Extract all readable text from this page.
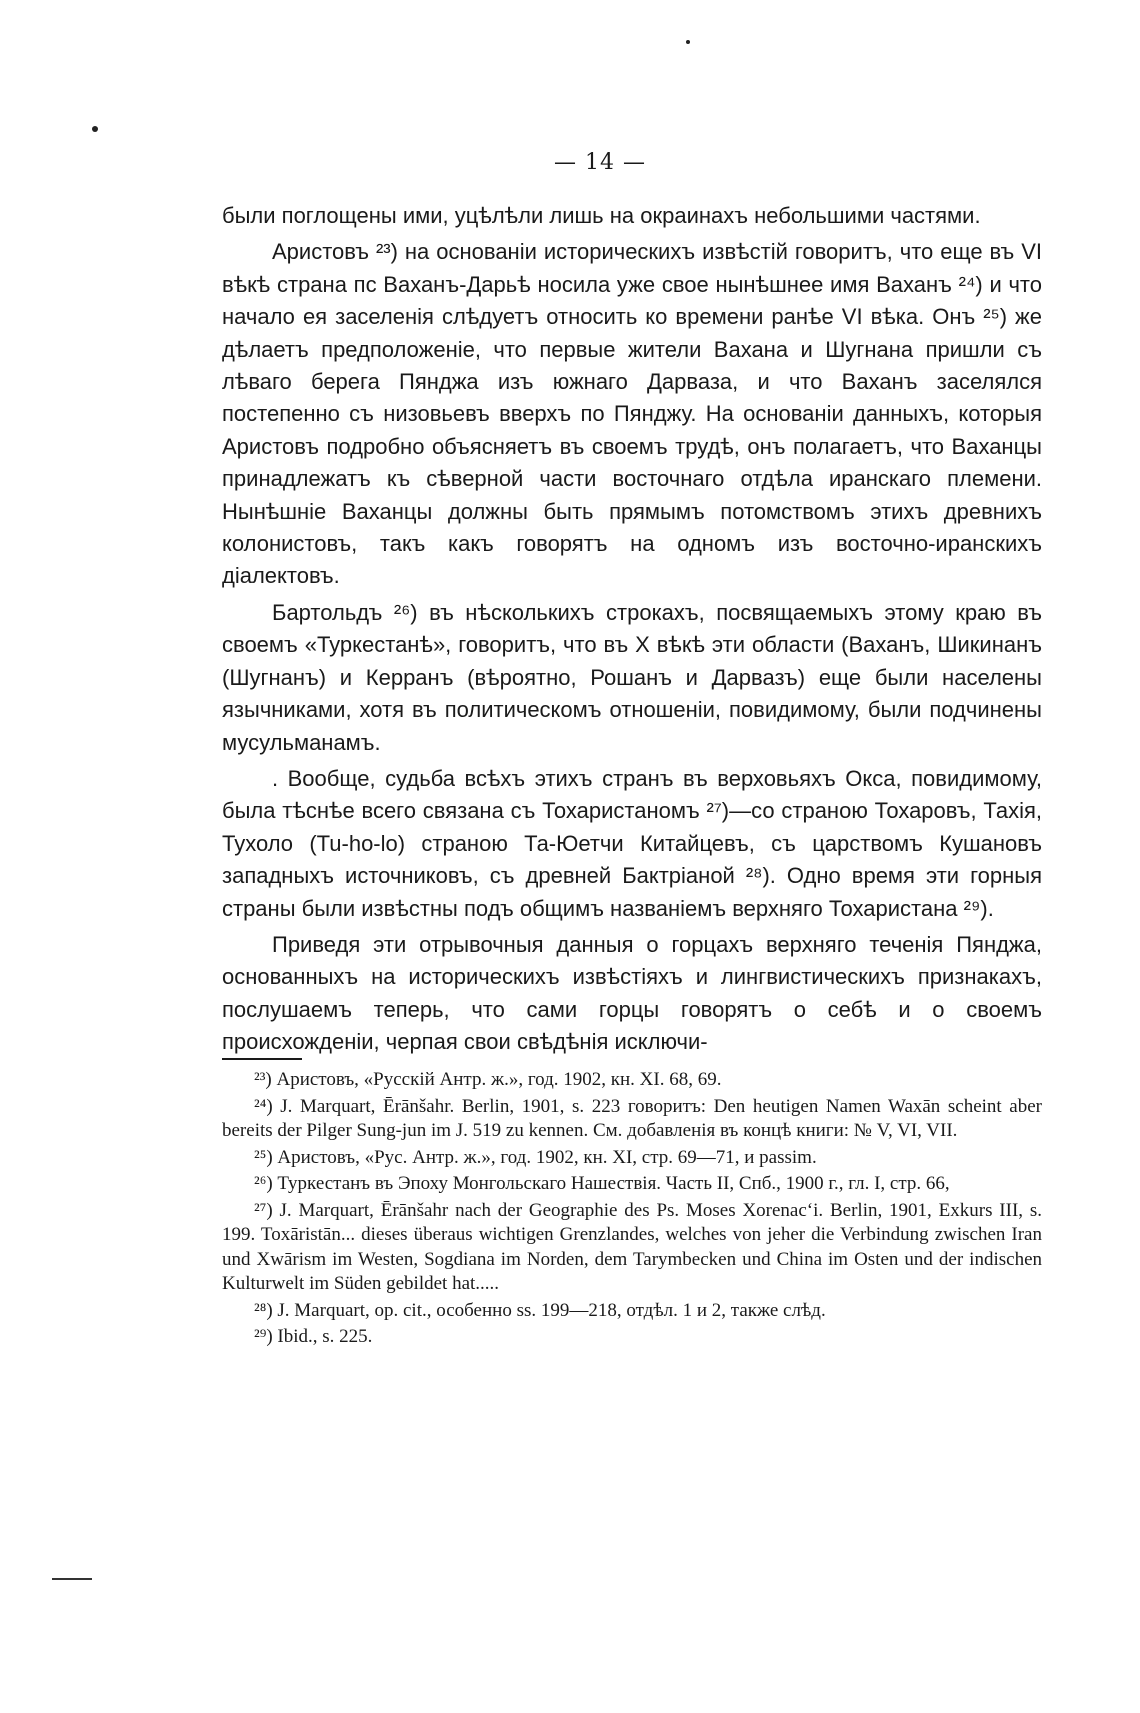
— 14 —

были поглощены ими, уцѣлѣли лишь на окраинахъ небольшими частями.

Аристовъ ²³) на основанiи историческихъ извѣстій говоритъ, что еще въ VI вѣкѣ страна пс Ваханъ-Дарьѣ носила уже свое нынѣшнее имя Ваханъ ²⁴) и что начало ея заселенія слѣдуетъ относить ко времени ранѣе VI вѣка. Онъ ²⁵) же дѣлаетъ предположеніе, что первые жители Вахана и Шугнана пришли съ лѣваго берега Пянджа изъ южнаго Дарваза, и что Ваханъ заселялся постепенно съ низовьевъ вверхъ по Пянджу. На основаніи данныхъ, которыя Аристовъ подробно объясняетъ въ своемъ трудѣ, онъ полагаетъ, что Ваханцы принадлежатъ къ сѣверной части восточнаго отдѣла иранскаго племени. Нынѣшніе Ваханцы должны быть прямымъ потомствомъ этихъ древнихъ колонистовъ, такъ какъ говорятъ на одномъ изъ восточно-иранскихъ діалектовъ.

Бартольдъ ²⁶) въ нѣсколькихъ строкахъ, посвящаемыхъ этому краю въ своемъ «Туркестанѣ», говоритъ, что въ X вѣкѣ эти области (Ваханъ, Шикинанъ (Шугнанъ) и Керранъ (вѣроятно, Рошанъ и Дарвазъ) еще были населены язычниками, хотя въ политическомъ отношеніи, повидимому, были подчинены мусульманамъ.

. Вообще, судьба всѣхъ этихъ странъ въ верховьяхъ Окса, повидимому, была тѣснѣе всего связана съ Тохаристаномъ ²⁷)—со страною Тохаровъ, Тахія, Тухоло (Tu-ho-lo) страною Та-Юетчи Китайцевъ, съ царствомъ Кушановъ западныхъ источниковъ, съ древней Бактріаной ²⁸). Одно время эти горныя страны были извѣстны подъ общимъ названіемъ верхняго Тохаристана ²⁹).

Приведя эти отрывочныя данныя о горцахъ верхняго теченія Пянджа, основанныхъ на историческихъ извѣстіяхъ и лингвистическихъ признакахъ, послушаемъ теперь, что сами горцы говорятъ о себѣ и о своемъ происхожденіи, черпая свои свѣдѣнія исключи-

²³) Аристовъ, «Русскій Антр. ж.», год. 1902, кн. XI. 68, 69.

²⁴) J. Marquart, Ērānšahr. Berlin, 1901, s. 223 говоритъ: Den heutigen Namen Waxān scheint aber bereits der Pilger Sung-jun im J. 519 zu kennen. См. добавленія въ концѣ книги: № V, VI, VII.

²⁵) Аристовъ, «Рус. Антр. ж.», год. 1902, кн. XI, стр. 69—71, и passim.

²⁶) Туркестанъ въ Эпоху Монгольскаго Нашествія. Часть II, Спб., 1900 г., гл. I, стр. 66,

²⁷) J. Marquart, Ērānšahr nach der Geographie des Ps. Moses Xorenacʻi. Berlin, 1901, Exkurs III, s. 199. Toxāristān... dieses überaus wichtigen Grenzlandes, welches von jeher die Verbindung zwischen Iran und Xwārism im Westen, Sogdiana im Norden, dem Tarymbecken und China im Osten und der indischen Kulturwelt im Süden gebildet hat.....

²⁸) J. Marquart, op. cit., особенно ss. 199—218, отдѣл. 1 и 2, также слѣд.

²⁹) Ibid., s. 225.
